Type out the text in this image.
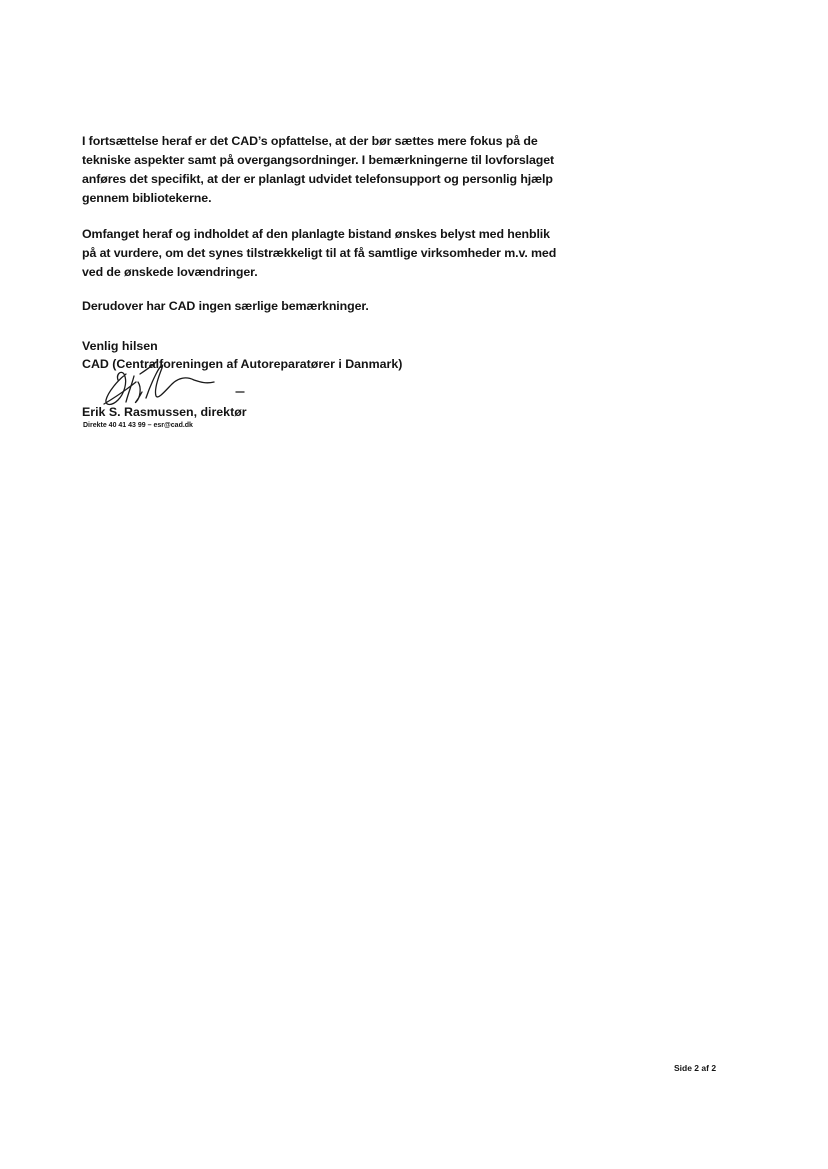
I fortsættelse heraf er det CAD’s opfattelse, at der bør sættes mere fokus på de
tekniske aspekter samt på overgangsordninger. I bemærkningerne til lovforslaget
anføres det specifikt, at der er planlagt udvidet telefonsupport og personlig hjælp
gennem bibliotekerne.

Omfanget heraf og indholdet af den planlagte bistand ønskes belyst med henblik
på at vurdere, om det synes tilstrækkeligt til at få samtlige virksomheder m.v. med
ved de ønskede lovændringer.

Derudover har CAD ingen særlige bemærkninger.

Venlig hilsen
CAD (Centralforeningen af Autoreparatører i Danmark)
Erik S. Rasmussen, direktør
Direkte 40 41 43 99 – esr@cad.dk
Side 2 af 2
